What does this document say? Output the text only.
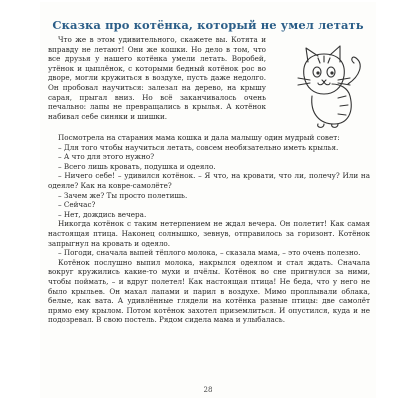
Сказка про котёнка, который не умел летать

Что же в этом удивительного, скажете вы. Котята и вправду не летают! Они же кошки. Но дело в том, что все друзья у нашего котёнка умели летать. Воробей, утёнок и цыплёнок, с которыми бедный котёнок рос во дворе, могли кружиться в воздухе, пусть даже недолго. Он пробовал научиться: залезал на дерево, на крышу сарая, прыгал вниз. Но всё заканчивалось очень печально: лапы не превращались в крылья. А котёнок набивал себе синяки и шишки.

Посмотрела на старания мама кошка и дала малышу один мудрый совет:

– Для того чтобы научиться летать, совсем необязательно иметь крылья.

– А что для этого нужно?

– Всего лишь кровать, подушка и одеяло.

– Ничего себе! – удивился котёнок. – Я что, на кровати, что ли, полечу? Или на одеяле? Как на ковре-самолёте?

– Зачем же? Ты просто полетишь.

– Сейчас?

– Нет, дождись вечера.

Никогда котёнок с таким нетерпением не ждал вечера. Он полетит! Как самая настоящая птица. Наконец солнышко, зевнув, отправилось за горизонт. Котёнок запрыгнул на кровать и одеяло.

– Погоди, сначала выпей тёплого молока, – сказала мама, – это очень полезно.

Котёнок послушно выпил молока, накрылся одеялом и стал ждать. Сначала вокруг кружились какие-то мухи и пчёлы. Котёнок во сне пригнулся за ними, чтобы поймать, – и вдруг полетел! Как настоящая птица! Не беда, что у него не было крыльев. Он махал лапами и парил в воздухе. Мимо проплывали облака, белые, как вата. А удивлённые глядели на котёнка разные птицы: две самолёт прямо ему крылом. Потом котёнок захотел приземлиться. И опустился, куда и не подозревал. В свою постель. Рядом сидела мама и улыбалась.

28
